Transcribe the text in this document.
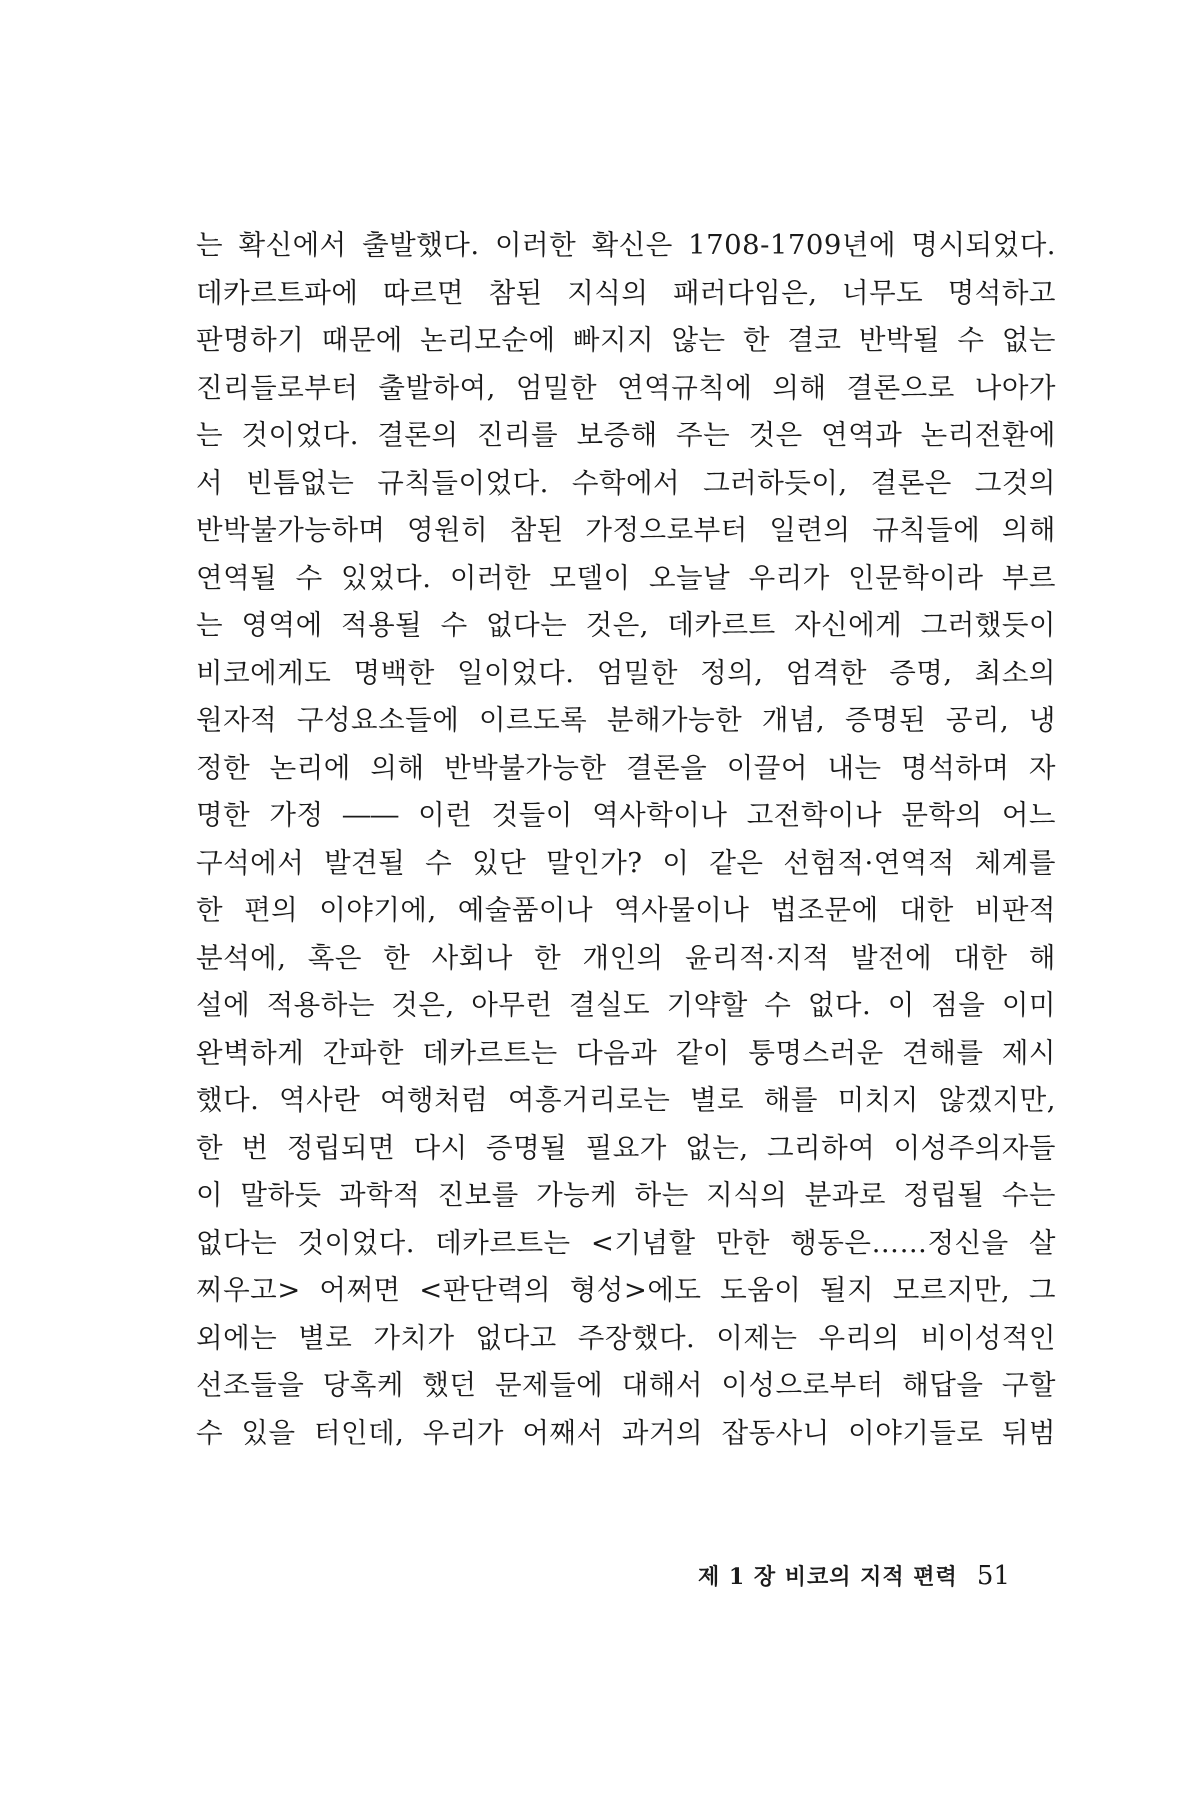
는 확신에서 출발했다. 이러한 확신은 1708-1709년에 명시되었다.
데카르트파에 따르면 참된 지식의 패러다임은, 너무도 명석하고
판명하기 때문에 논리모순에 빠지지 않는 한 결코 반박될 수 없는
진리들로부터 출발하여, 엄밀한 연역규칙에 의해 결론으로 나아가
는 것이었다. 결론의 진리를 보증해 주는 것은 연역과 논리전환에
서 빈틈없는 규칙들이었다. 수학에서 그러하듯이, 결론은 그것의
반박불가능하며 영원히 참된 가정으로부터 일련의 규칙들에 의해
연역될 수 있었다. 이러한 모델이 오늘날 우리가 인문학이라 부르
는 영역에 적용될 수 없다는 것은, 데카르트 자신에게 그러했듯이
비코에게도 명백한 일이었다. 엄밀한 정의, 엄격한 증명, 최소의
원자적 구성요소들에 이르도록 분해가능한 개념, 증명된 공리, 냉
정한 논리에 의해 반박불가능한 결론을 이끌어 내는 명석하며 자
명한 가정 ―― 이런 것들이 역사학이나 고전학이나 문학의 어느
구석에서 발견될 수 있단 말인가? 이 같은 선험적·연역적 체계를
한 편의 이야기에, 예술품이나 역사물이나 법조문에 대한 비판적
분석에, 혹은 한 사회나 한 개인의 윤리적·지적 발전에 대한 해
설에 적용하는 것은, 아무런 결실도 기약할 수 없다. 이 점을 이미
완벽하게 간파한 데카르트는 다음과 같이 퉁명스러운 견해를 제시
했다. 역사란 여행처럼 여흥거리로는 별로 해를 미치지 않겠지만,
한 번 정립되면 다시 증명될 필요가 없는, 그리하여 이성주의자들
이 말하듯 과학적 진보를 가능케 하는 지식의 분과로 정립될 수는
없다는 것이었다. 데카르트는 <기념할 만한 행동은……정신을 살
찌우고> 어쩌면 <판단력의 형성>에도 도움이 될지 모르지만, 그
외에는 별로 가치가 없다고 주장했다. 이제는 우리의 비이성적인
선조들을 당혹케 했던 문제들에 대해서 이성으로부터 해답을 구할
수 있을 터인데, 우리가 어째서 과거의 잡동사니 이야기들로 뒤범
제 1 장 비코의 지적 편력 51
